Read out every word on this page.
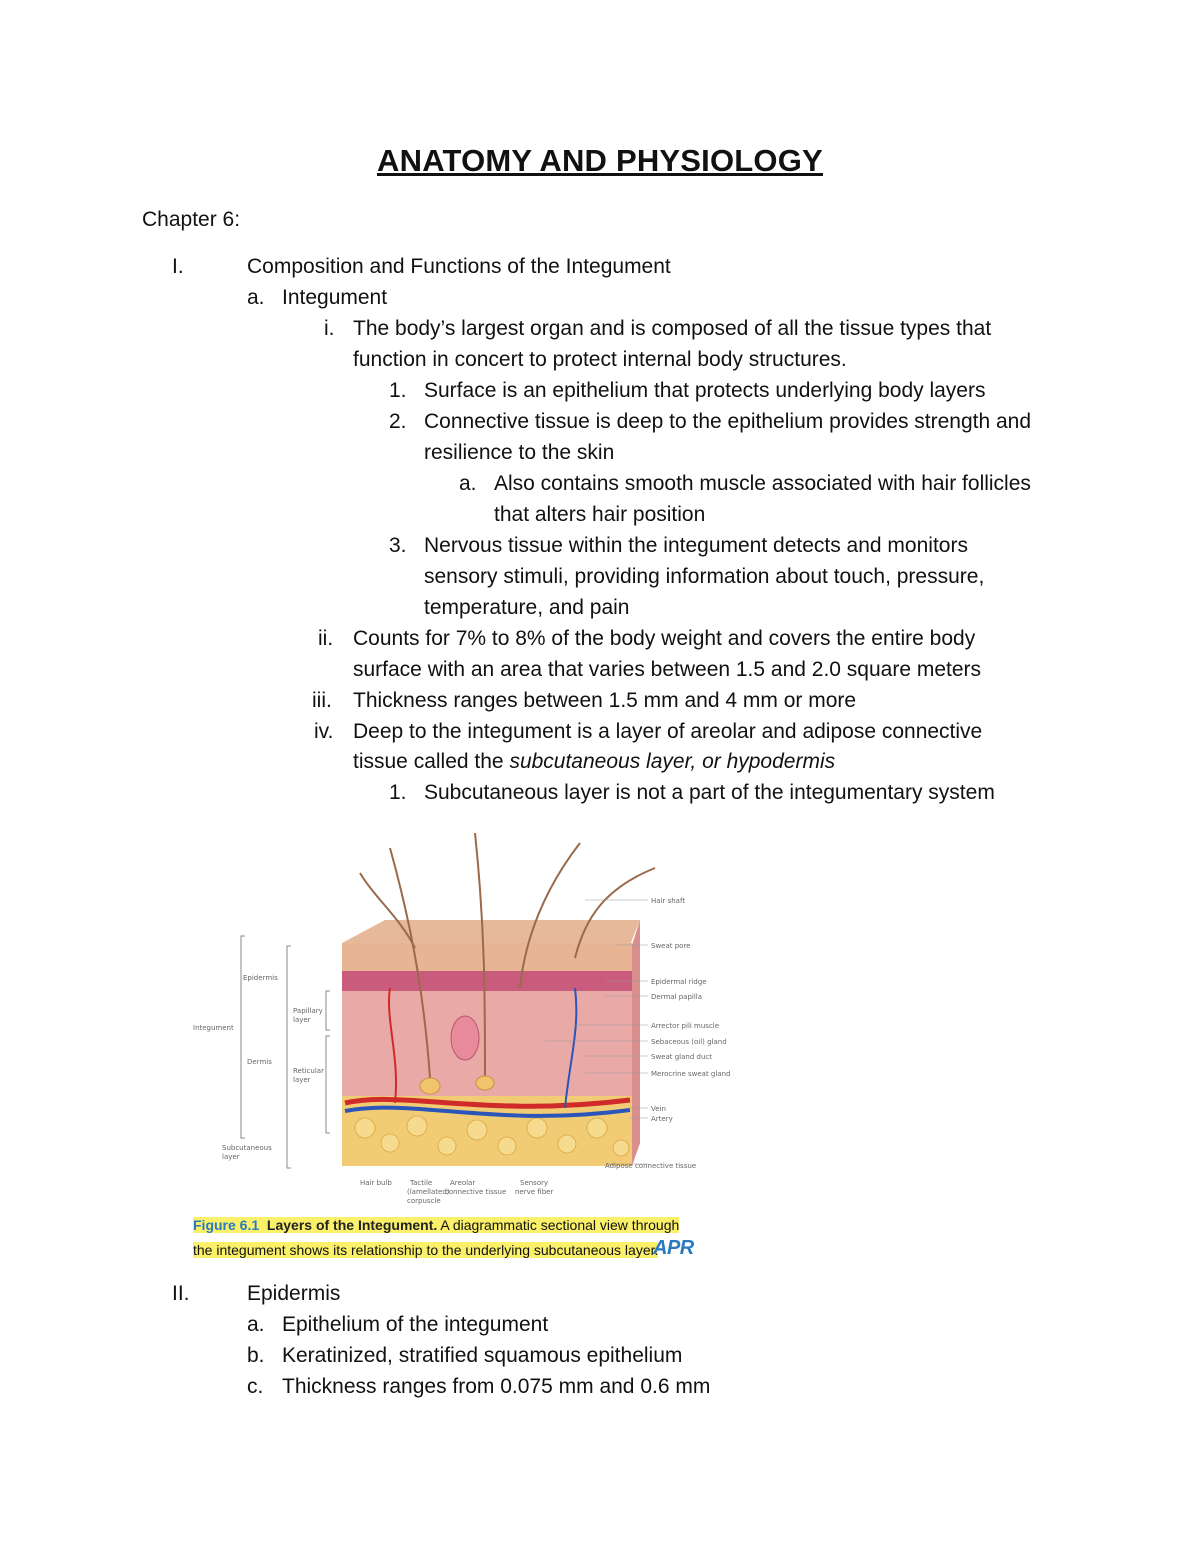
ANATOMY AND PHYSIOLOGY
Chapter 6:
I.	Composition and Functions of the Integument
a. Integument
i. The body’s largest organ and is composed of all the tissue types that
function in concert to protect internal body structures.
1. Surface is an epithelium that protects underlying body layers
2. Connective tissue is deep to the epithelium provides strength and
resilience to the skin
a. Also contains smooth muscle associated with hair follicles
that alters hair position
3. Nervous tissue within the integument detects and monitors
sensory stimuli, providing information about touch, pressure,
temperature, and pain
ii. Counts for 7% to 8% of the body weight and covers the entire body
surface with an area that varies between 1.5 and 2.0 square meters
iii. Thickness ranges between 1.5 mm and 4 mm or more
iv. Deep to the integument is a layer of areolar and adipose connective
tissue called the subcutaneous layer, or hypodermis
1. Subcutaneous layer is not a part of the integumentary system
Epidermis
Papillary
layer
Integument
Dermis
Reticular
layer
Subcutaneous
layer
Hair shaft
Sweat pore
Epidermal ridge
Dermal papilla
Arrector pili muscle
Sebaceous (oil) gland
Sweat gland duct
Merocrine sweat gland
Vein
Artery
Adipose connective tissue
Hair bulb	Tactile
(lamellated)
corpuscle
Areolar
connective tissue
Sensory
nerve fiber
Figure 6.1 Layers of the Integument. A diagrammatic sectional view through
the integument shows its relationship to the underlying subcutaneous layer.
APR
II.	Epidermis
a. Epithelium of the integument
b. Keratinized, stratified squamous epithelium
c. Thickness ranges from 0.075 mm and 0.6 mm
